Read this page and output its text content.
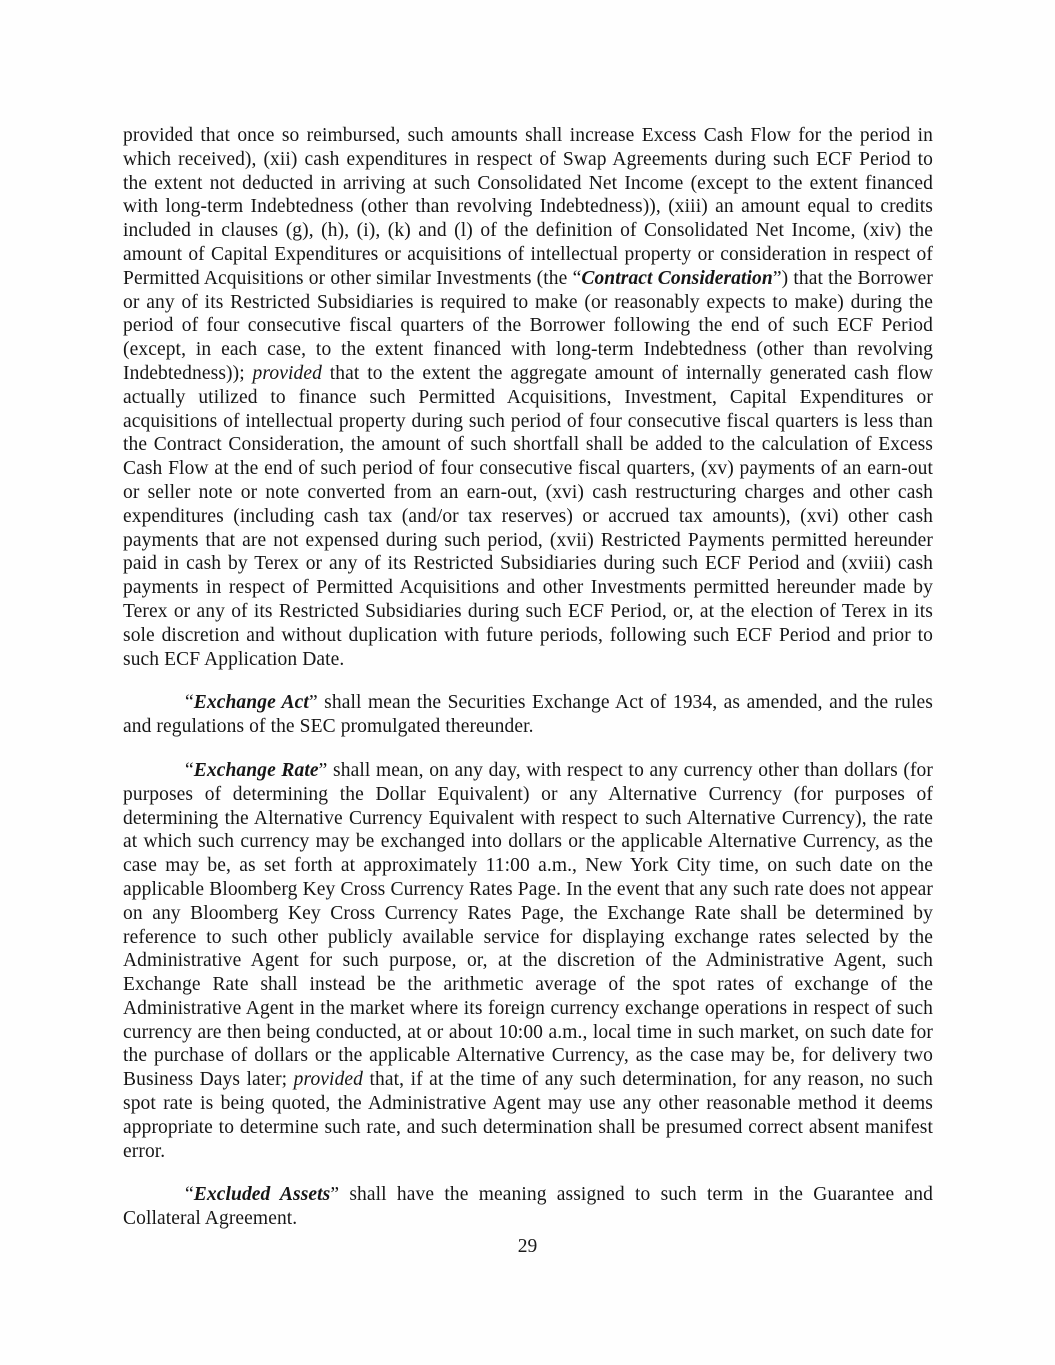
provided that once so reimbursed, such amounts shall increase Excess Cash Flow for the period in which received), (xii) cash expenditures in respect of Swap Agreements during such ECF Period to the extent not deducted in arriving at such Consolidated Net Income (except to the extent financed with long-term Indebtedness (other than revolving Indebtedness)), (xiii) an amount equal to credits included in clauses (g), (h), (i), (k) and (l) of the definition of Consolidated Net Income, (xiv) the amount of Capital Expenditures or acquisitions of intellectual property or consideration in respect of Permitted Acquisitions or other similar Investments (the “Contract Consideration”) that the Borrower or any of its Restricted Subsidiaries is required to make (or reasonably expects to make) during the period of four consecutive fiscal quarters of the Borrower following the end of such ECF Period (except, in each case, to the extent financed with long-term Indebtedness (other than revolving Indebtedness)); provided that to the extent the aggregate amount of internally generated cash flow actually utilized to finance such Permitted Acquisitions, Investment, Capital Expenditures or acquisitions of intellectual property during such period of four consecutive fiscal quarters is less than the Contract Consideration, the amount of such shortfall shall be added to the calculation of Excess Cash Flow at the end of such period of four consecutive fiscal quarters, (xv) payments of an earn-out or seller note or note converted from an earn-out, (xvi) cash restructuring charges and other cash expenditures (including cash tax (and/or tax reserves) or accrued tax amounts), (xvi) other cash payments that are not expensed during such period, (xvii) Restricted Payments permitted hereunder paid in cash by Terex or any of its Restricted Subsidiaries during such ECF Period and (xviii) cash payments in respect of Permitted Acquisitions and other Investments permitted hereunder made by Terex or any of its Restricted Subsidiaries during such ECF Period, or, at the election of Terex in its sole discretion and without duplication with future periods, following such ECF Period and prior to such ECF Application Date.

“Exchange Act” shall mean the Securities Exchange Act of 1934, as amended, and the rules and regulations of the SEC promulgated thereunder.

“Exchange Rate” shall mean, on any day, with respect to any currency other than dollars (for purposes of determining the Dollar Equivalent) or any Alternative Currency (for purposes of determining the Alternative Currency Equivalent with respect to such Alternative Currency), the rate at which such currency may be exchanged into dollars or the applicable Alternative Currency, as the case may be, as set forth at approximately 11:00 a.m., New York City time, on such date on the applicable Bloomberg Key Cross Currency Rates Page. In the event that any such rate does not appear on any Bloomberg Key Cross Currency Rates Page, the Exchange Rate shall be determined by reference to such other publicly available service for displaying exchange rates selected by the Administrative Agent for such purpose, or, at the discretion of the Administrative Agent, such Exchange Rate shall instead be the arithmetic average of the spot rates of exchange of the Administrative Agent in the market where its foreign currency exchange operations in respect of such currency are then being conducted, at or about 10:00 a.m., local time in such market, on such date for the purchase of dollars or the applicable Alternative Currency, as the case may be, for delivery two Business Days later; provided that, if at the time of any such determination, for any reason, no such spot rate is being quoted, the Administrative Agent may use any other reasonable method it deems appropriate to determine such rate, and such determination shall be presumed correct absent manifest error.

“Excluded Assets” shall have the meaning assigned to such term in the Guarantee and Collateral Agreement.

29
